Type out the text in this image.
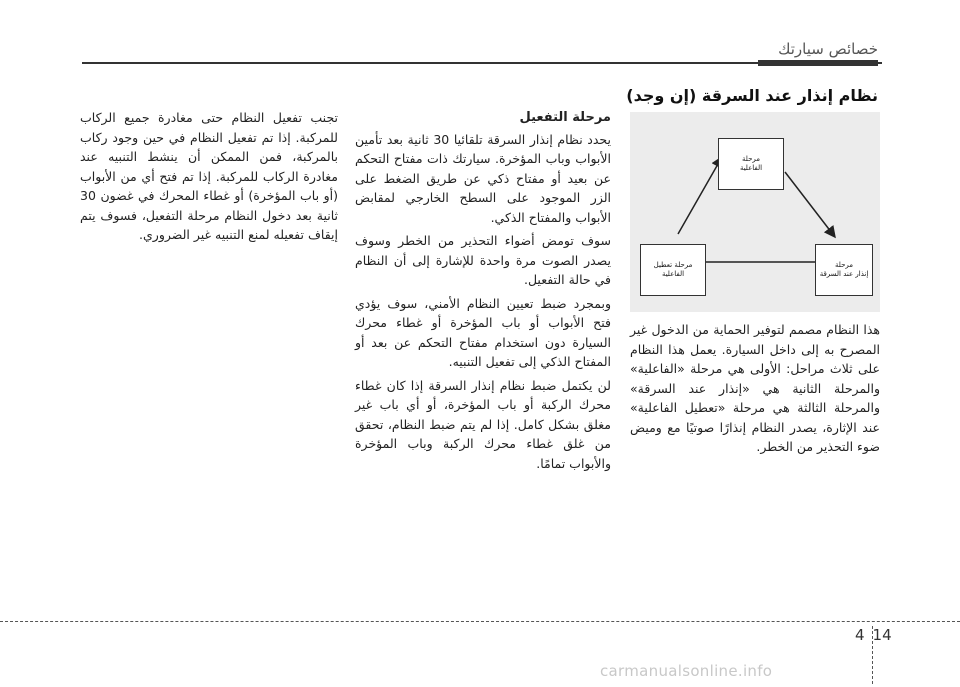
خصائص سيارتك
نظام إنذار عند السرقة (إن وجد)
مرحلة
الفاعلية
مرحلة
إنذار عند السرقة
مرحلة تعطيل
الفاعلية

هذا النظام مصمم لتوفير الحماية من الدخول غير المصرح به إلى داخل السيارة. يعمل هذا النظام على ثلاث مراحل: الأولى هي مرحلة «الفاعلية» والمرحلة الثانية هي «إنذار عند السرقة» والمرحلة الثالثة هي مرحلة «تعطيل الفاعلية» عند الإثارة، يصدر النظام إنذارًا صوتيًا مع وميض ضوء التحذير من الخطر.

مرحلة التفعيل

يحدد نظام إنذار السرقة تلقائيا 30 ثانية بعد تأمين الأبواب وباب المؤخرة. سيارتك ذات مفتاح التحكم عن بعيد أو مفتاح ذكي عن طريق الضغط على الزر الموجود على السطح الخارجي لمقابض الأبواب والمفتاح الذكي.

سوف تومض أضواء التحذير من الخطر وسوف يصدر الصوت مرة واحدة للإشارة إلى أن النظام في حالة التفعيل.

وبمجرد ضبط تعيين النظام الأمني، سوف يؤدي فتح الأبواب أو باب المؤخرة أو غطاء محرك السيارة دون استخدام مفتاح التحكم عن بعد أو المفتاح الذكي إلى تفعيل التنبيه.

لن يكتمل ضبط نظام إنذار السرقة إذا كان غطاء محرك الركبة أو باب المؤخرة، أو أي باب غير مغلق بشكل كامل. إذا لم يتم ضبط النظام، تحقق من غلق غطاء محرك الركبة وباب المؤخرة والأبواب تمامًا.

تجنب تفعيل النظام حتى مغادرة جميع الركاب للمركبة. إذا تم تفعيل النظام في حين وجود ركاب بالمركبة، فمن الممكن أن ينشط التنبيه عند مغادرة الركاب للمركبة. إذا تم فتح أي من الأبواب (أو باب المؤخرة) أو غطاء المحرك في غضون 30 ثانية بعد دخول النظام مرحلة التفعيل، فسوف يتم إيقاف تفعيله لمنع التنبيه غير الضروري.

4 14
carmanualsonline.info
